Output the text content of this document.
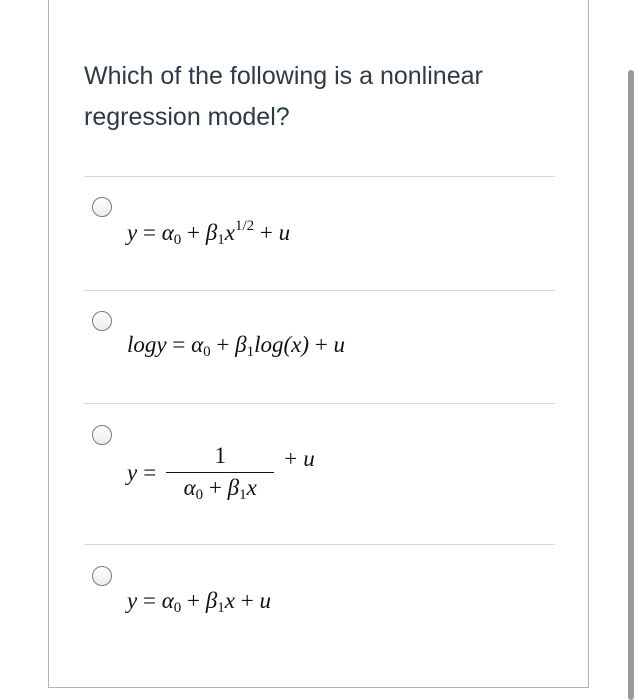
Which of the following is a nonlinear regression model?

$y = \alpha_0 + \beta_1x^{1/2} + u$
$\log y = \alpha_0 + \beta_1\log(x) + u$
$y = \frac{1}{\alpha_0 + \beta_1x} + u$
$y = \alpha_0 + \beta_1x + u$
